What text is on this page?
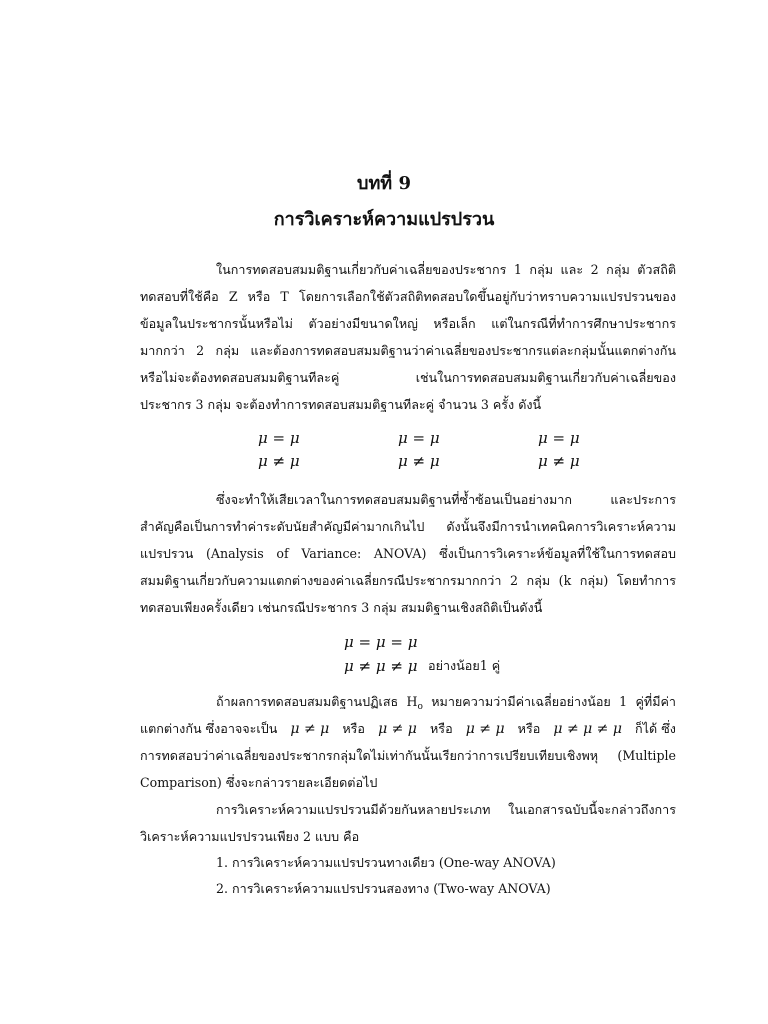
บทที่ 9
การวิเคราะห์ความแปรปรวน
ในการทดสอบสมมติฐานเกี่ยวกับค่าเฉลี่ยของประชากร 1 กลุ่ม และ 2 กลุ่ม ตัวสถิติ
ทดสอบที่ใช้คือ Z หรือ T โดยการเลือกใช้ตัวสถิติทดสอบใดขึ้นอยู่กับว่าทราบความแปรปรวนของ
ข้อมูลในประชากรนั้นหรือไม่ ตัวอย่างมีขนาดใหญ่ หรือเล็ก แต่ในกรณีที่ทำการศึกษาประชากร
มากกว่า 2 กลุ่ม และต้องการทดสอบสมมติฐานว่าค่าเฉลี่ยของประชากรแต่ละกลุ่มนั้นแตกต่างกัน
หรือไม่จะต้องทดสอบสมมติฐานทีละคู่ เช่นในการทดสอบสมมติฐานเกี่ยวกับค่าเฉลี่ยของ
ประชากร 3 กลุ่ม จะต้องทำการทดสอบสมมติฐานทีละคู่ จำนวน 3 ครั้ง ดังนี้
μ = μ
μ ≠ μ
μ = μ
μ ≠ μ
μ = μ
μ ≠ μ
ซึ่งจะทำให้เสียเวลาในการทดสอบสมมติฐานที่ซ้ำซ้อนเป็นอย่างมาก และประการ
สำคัญคือเป็นการทำค่าระดับนัยสำคัญมีค่ามากเกินไป ดังนั้นจึงมีการนำเทคนิคการวิเคราะห์ความ
แปรปรวน (Analysis of Variance: ANOVA) ซึ่งเป็นการวิเคราะห์ข้อมูลที่ใช้ในการทดสอบ
สมมติฐานเกี่ยวกับความแตกต่างของค่าเฉลี่ยกรณีประชากรมากกว่า 2 กลุ่ม (k กลุ่ม) โดยทำการ
ทดสอบเพียงครั้งเดียว เช่นกรณีประชากร 3 กลุ่ม สมมติฐานเชิงสถิติเป็นดังนี้
μ = μ = μ
μ ≠ μ ≠ μ อย่างน้อย1 คู่
ถ้าผลการทดสอบสมมติฐานปฏิเสธ $H_o$ หมายความว่ามีค่าเฉลี่ยอย่างน้อย 1 คู่ที่มีค่า
แตกต่างกัน ซึ่งอาจจะเป็น μ ≠ μ หรือ μ ≠ μ หรือ μ ≠ μ หรือ μ ≠ μ ≠ μ ก็ได้ ซึ่ง
การทดสอบว่าค่าเฉลี่ยของประชากรกลุ่มใดไม่เท่ากันนั้นเรียกว่าการเปรียบเทียบเชิงพหุ (Multiple
Comparison) ซึ่งจะกล่าวรายละเอียดต่อไป
การวิเคราะห์ความแปรปรวนมีด้วยกันหลายประเภท ในเอกสารฉบับนี้จะกล่าวถึงการ
วิเคราะห์ความแปรปรวนเพียง 2 แบบ คือ
1. การวิเคราะห์ความแปรปรวนทางเดียว (One-way ANOVA)
2. การวิเคราะห์ความแปรปรวนสองทาง (Two-way ANOVA)
